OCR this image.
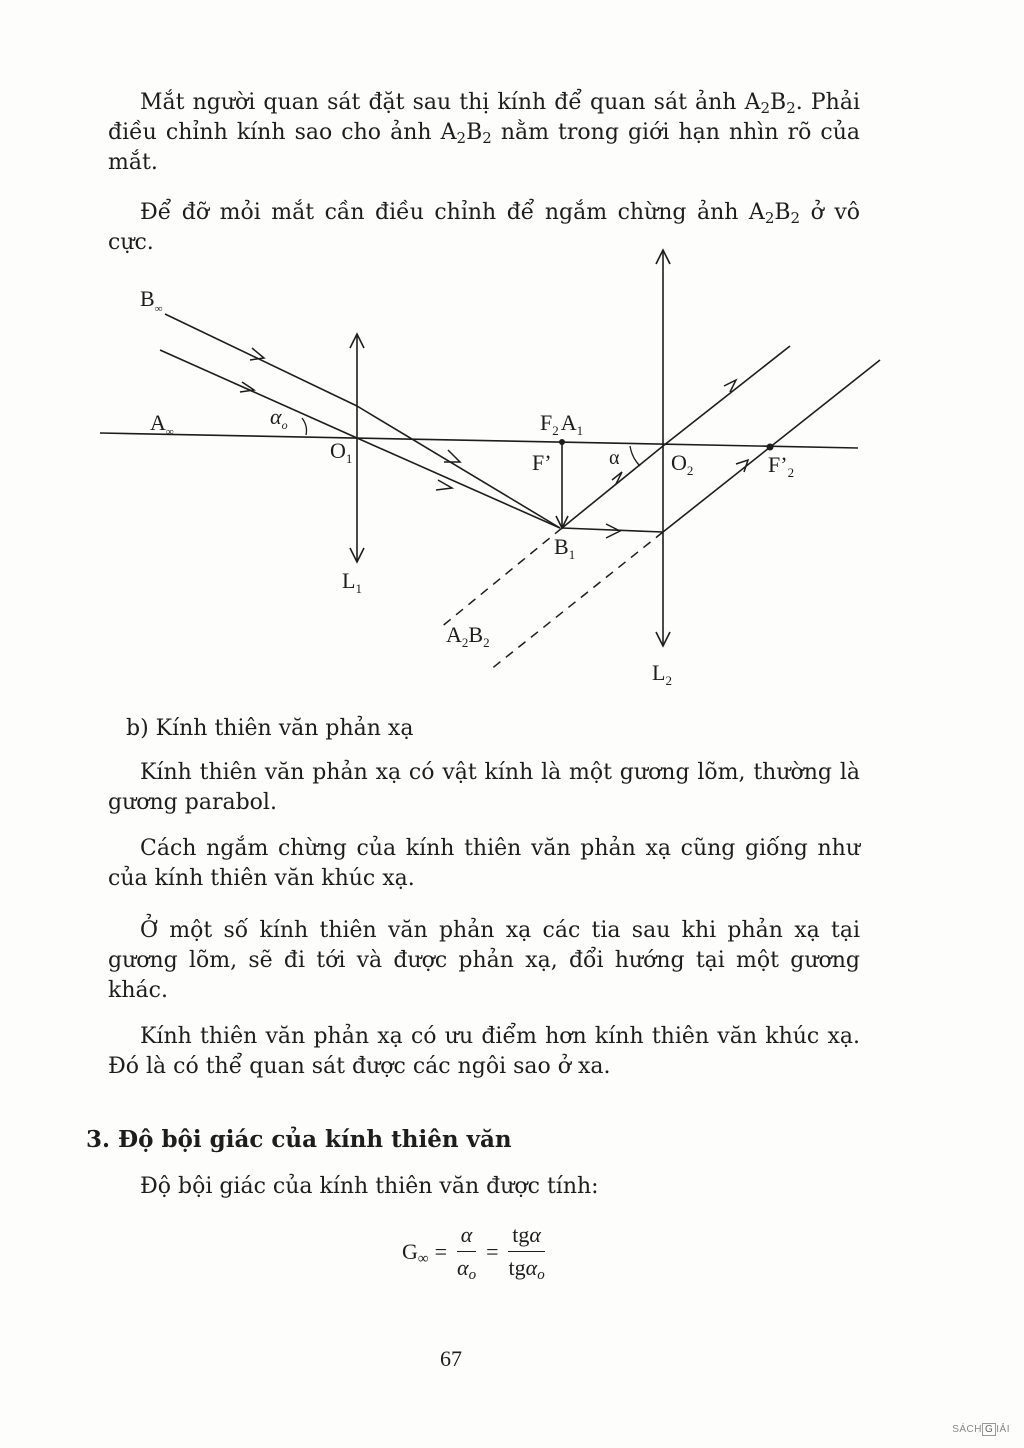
Mắt người quan sát đặt sau thị kính để quan sát ảnh $A_2B_2$. Phải điều chỉnh kính sao cho ảnh $A_2B_2$ nằm trong giới hạn nhìn rõ của mắt.

Để đỡ mỏi mắt cần điều chỉnh để ngắm chừng ảnh $A_2B_2$ ở vô cực.

$B_\infty$
$A_\infty$
$\alpha_o$
$O_1$
$F_2A_1$
F’	α $O_2$	$F’_2$
$B_1$
$L_1$
$A_2B_2$
$L_2$

b) Kính thiên văn phản xạ

Kính thiên văn phản xạ có vật kính là một gương lõm, thường là gương parabol.

Cách ngắm chừng của kính thiên văn phản xạ cũng giống như của kính thiên văn khúc xạ.

Ở một số kính thiên văn phản xạ các tia sau khi phản xạ tại gương lõm, sẽ đi tới và được phản xạ, đổi hướng tại một gương khác.

Kính thiên văn phản xạ có ưu điểm hơn kính thiên văn khúc xạ. Đó là có thể quan sát được các ngôi sao ở xa.

3. Độ bội giác của kính thiên văn

Độ bội giác của kính thiên văn được tính:

$G_\infty = \frac{\alpha}{\alpha_o} = \frac{\text{tgα}}{tg\alpha_o}$
67
SÁCH G IẢI
